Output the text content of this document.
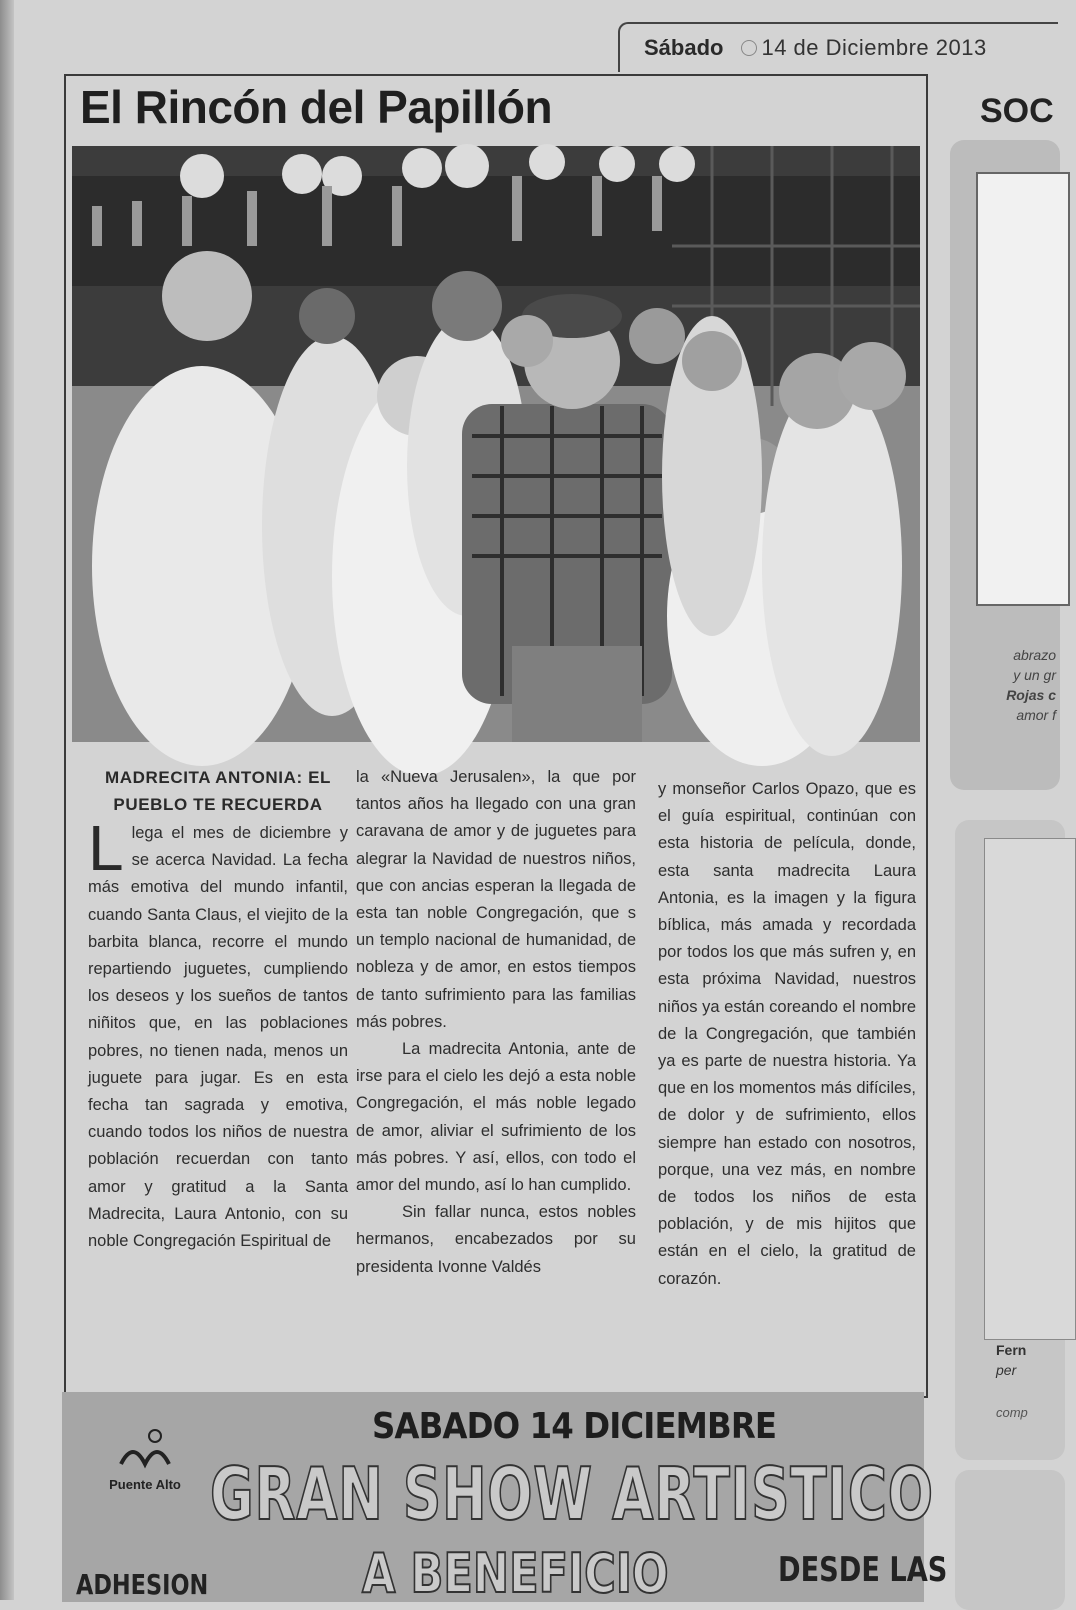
Sábado 14 de Diciembre 2013
El Rincón del Papillón
MADRECITA ANTONIA: EL PUEBLO TE RECUERDA

Llega el mes de diciembre y se acerca Navidad. La fecha más emotiva del mundo infantil, cuando Santa Claus, el viejito de la barbita blanca, recorre el mundo repartiendo juguetes, cumpliendo los deseos y los sueños de tantos niñitos que, en las poblaciones pobres, no tienen nada, menos un juguete para jugar. Es en esta fecha tan sagrada y emotiva, cuando todos los niños de nuestra población recuerdan con tanto amor y gratitud a la Santa Madrecita, Laura Antonio, con su noble Congregación Espiritual de

la «Nueva Jerusalen», la que por tantos años ha llegado con una gran caravana de amor y de juguetes para alegrar la Navidad de nuestros niños, que con ancias esperan la llegada de esta tan noble Congregación, que s un templo nacional de humanidad, de nobleza y de amor, en estos tiempos de tanto sufrimiento para las familias más pobres.

La madrecita Antonia, ante de irse para el cielo les dejó a esta noble Congregación, el más noble legado de amor, aliviar el sufrimiento de los más pobres. Y así, ellos, con todo el amor del mundo, así lo han cumplido.

Sin fallar nunca, estos nobles hermanos, encabezados por su presidenta Ivonne Valdés

y monseñor Carlos Opazo, que es el guía espiritual, continúan con esta historia de película, donde, esta santa madrecita Laura Antonia, es la imagen y la figura bíblica, más amada y recordada por todos los que más sufren y, en esta próxima Navidad, nuestros niños ya están coreando el nombre de la Congregación, que también ya es parte de nuestra historia. Ya que en los momentos más difíciles, de dolor y de sufrimiento, ellos siempre han estado con nosotros, porque, una vez más, en nombre de todos los niños de esta población, y de mis hijitos que están en el cielo, la gratitud de corazón.

SOC
abrazo
y un gr
Rojas c
amor f
Fern
per
comp
Puente Alto
SABADO 14 DICIEMBRE
GRAN SHOW ARTISTICO
A BENEFICIO
ADHESION	DESDE LAS
